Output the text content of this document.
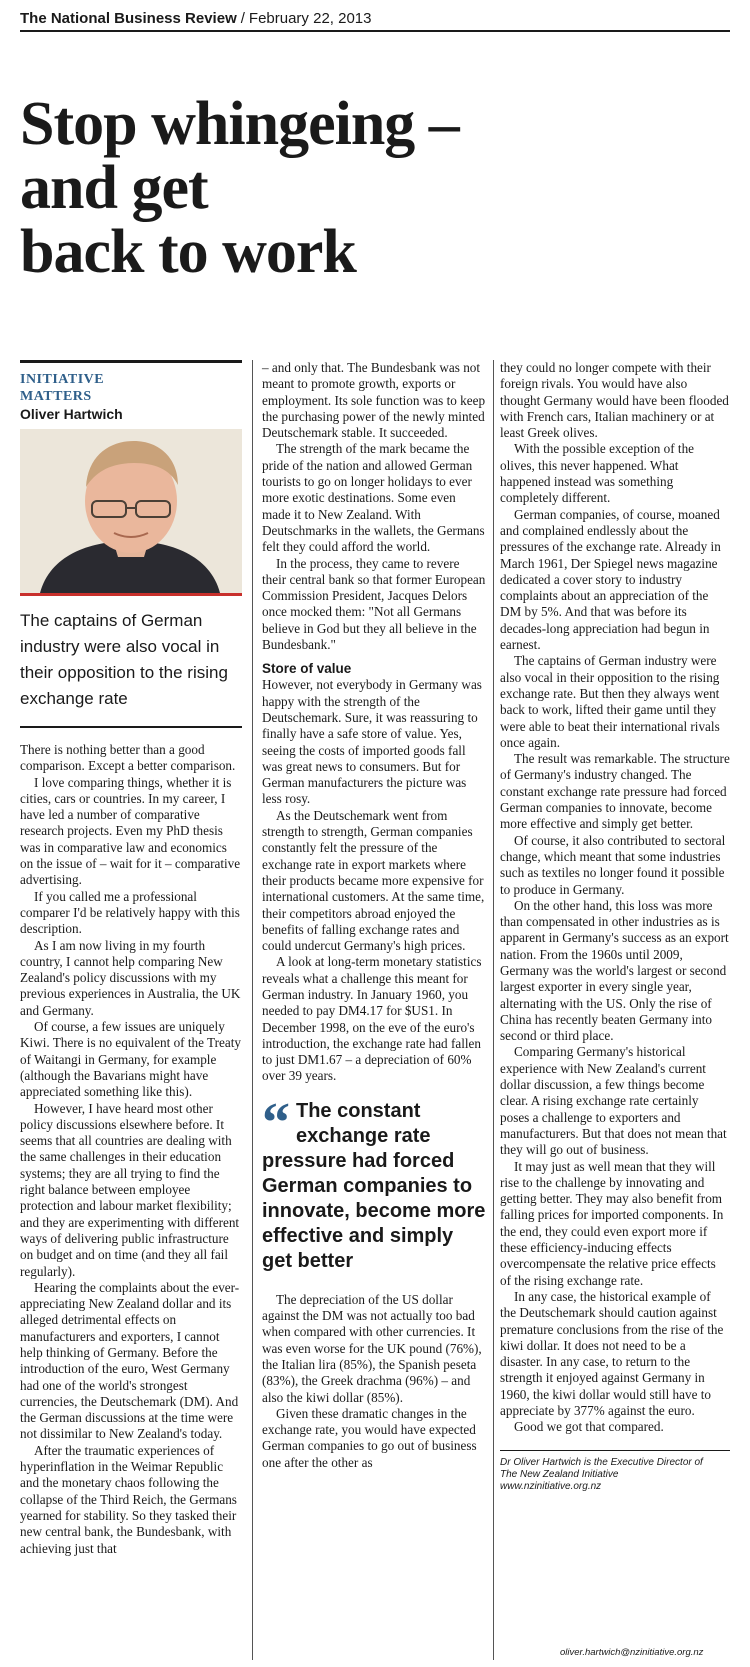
The National Business Review / February 22, 2013
Stop whingeing –
and get
back to work
INITIATIVE
MATTERS
Oliver Hartwich
The captains of German industry were also vocal in their opposition to the rising exchange rate

There is nothing better than a good comparison. Except a better comparison.

I love comparing things, whether it is cities, cars or countries. In my career, I have led a number of comparative research projects. Even my PhD thesis was in comparative law and economics on the issue of – wait for it – comparative advertising.

If you called me a professional comparer I'd be relatively happy with this description.

As I am now living in my fourth country, I cannot help comparing New Zealand's policy discussions with my previous experiences in Australia, the UK and Germany.

Of course, a few issues are uniquely Kiwi. There is no equivalent of the Treaty of Waitangi in Germany, for example (although the Bavarians might have appreciated something like this).

However, I have heard most other policy discussions elsewhere before. It seems that all countries are dealing with the same challenges in their education systems; they are all trying to find the right balance between employee protection and labour market flexibility; and they are experimenting with different ways of delivering public infrastructure on budget and on time (and they all fail regularly).

Hearing the complaints about the ever-appreciating New Zealand dollar and its alleged detrimental effects on manufacturers and exporters, I cannot help thinking of Germany. Before the introduction of the euro, West Germany had one of the world's strongest currencies, the Deutschemark (DM). And the German discussions at the time were not dissimilar to New Zealand's today.

After the traumatic experiences of hyperinflation in the Weimar Republic and the monetary chaos following the collapse of the Third Reich, the Germans yearned for stability. So they tasked their new central bank, the Bundesbank, with achieving just that

– and only that. The Bundesbank was not meant to promote growth, exports or employment. Its sole function was to keep the purchasing power of the newly minted Deutschemark stable. It succeeded.

The strength of the mark became the pride of the nation and allowed German tourists to go on longer holidays to ever more exotic destinations. Some even made it to New Zealand. With Deutschmarks in the wallets, the Germans felt they could afford the world.

In the process, they came to revere their central bank so that former European Commission President, Jacques Delors once mocked them: "Not all Germans believe in God but they all believe in the Bundesbank."

Store of value

However, not everybody in Germany was happy with the strength of the Deutschemark. Sure, it was reassuring to finally have a safe store of value. Yes, seeing the costs of imported goods fall was great news to consumers. But for German manufacturers the picture was less rosy.

As the Deutschemark went from strength to strength, German companies constantly felt the pressure of the exchange rate in export markets where their products became more expensive for international customers. At the same time, their competitors abroad enjoyed the benefits of falling exchange rates and could undercut Germany's high prices.

A look at long-term monetary statistics reveals what a challenge this meant for German industry. In January 1960, you needed to pay DM4.17 for $US1. In December 1998, on the eve of the euro's introduction, the exchange rate had fallen to just DM1.67 – a depreciation of 60% over 39 years.

“ The constant exchange rate pressure had forced German companies to innovate, become more effective and simply get better

The depreciation of the US dollar against the DM was not actually too bad when compared with other currencies. It was even worse for the UK pound (76%), the Italian lira (85%), the Spanish peseta (83%), the Greek drachma (96%) – and also the kiwi dollar (85%).

Given these dramatic changes in the exchange rate, you would have expected German companies to go out of business one after the other as

they could no longer compete with their foreign rivals. You would have also thought Germany would have been flooded with French cars, Italian machinery or at least Greek olives.

With the possible exception of the olives, this never happened. What happened instead was something completely different.

German companies, of course, moaned and complained endlessly about the pressures of the exchange rate. Already in March 1961, Der Spiegel news magazine dedicated a cover story to industry complaints about an appreciation of the DM by 5%. And that was before its decades-long appreciation had begun in earnest.

The captains of German industry were also vocal in their opposition to the rising exchange rate. But then they always went back to work, lifted their game until they were able to beat their international rivals once again.

The result was remarkable. The structure of Germany's industry changed. The constant exchange rate pressure had forced German companies to innovate, become more effective and simply get better.

Of course, it also contributed to sectoral change, which meant that some industries such as textiles no longer found it possible to produce in Germany.

On the other hand, this loss was more than compensated in other industries as is apparent in Germany's success as an export nation. From the 1960s until 2009, Germany was the world's largest or second largest exporter in every single year, alternating with the US. Only the rise of China has recently beaten Germany into second or third place.

Comparing Germany's historical experience with New Zealand's current dollar discussion, a few things become clear. A rising exchange rate certainly poses a challenge to exporters and manufacturers. But that does not mean that they will go out of business.

It may just as well mean that they will rise to the challenge by innovating and getting better. They may also benefit from falling prices for imported components. In the end, they could even export more if these efficiency-inducing effects overcompensate the relative price effects of the rising exchange rate.

In any case, the historical example of the Deutschemark should caution against premature conclusions from the rise of the kiwi dollar. It does not need to be a disaster. In any case, to return to the strength it enjoyed against Germany in 1960, the kiwi dollar would still have to appreciate by 377% against the euro.

Good we got that compared.

Dr Oliver Hartwich is the Executive Director of
The New Zealand Initiative
www.nzinitiative.org.nz
oliver.hartwich@nzinitiative.org.nz
